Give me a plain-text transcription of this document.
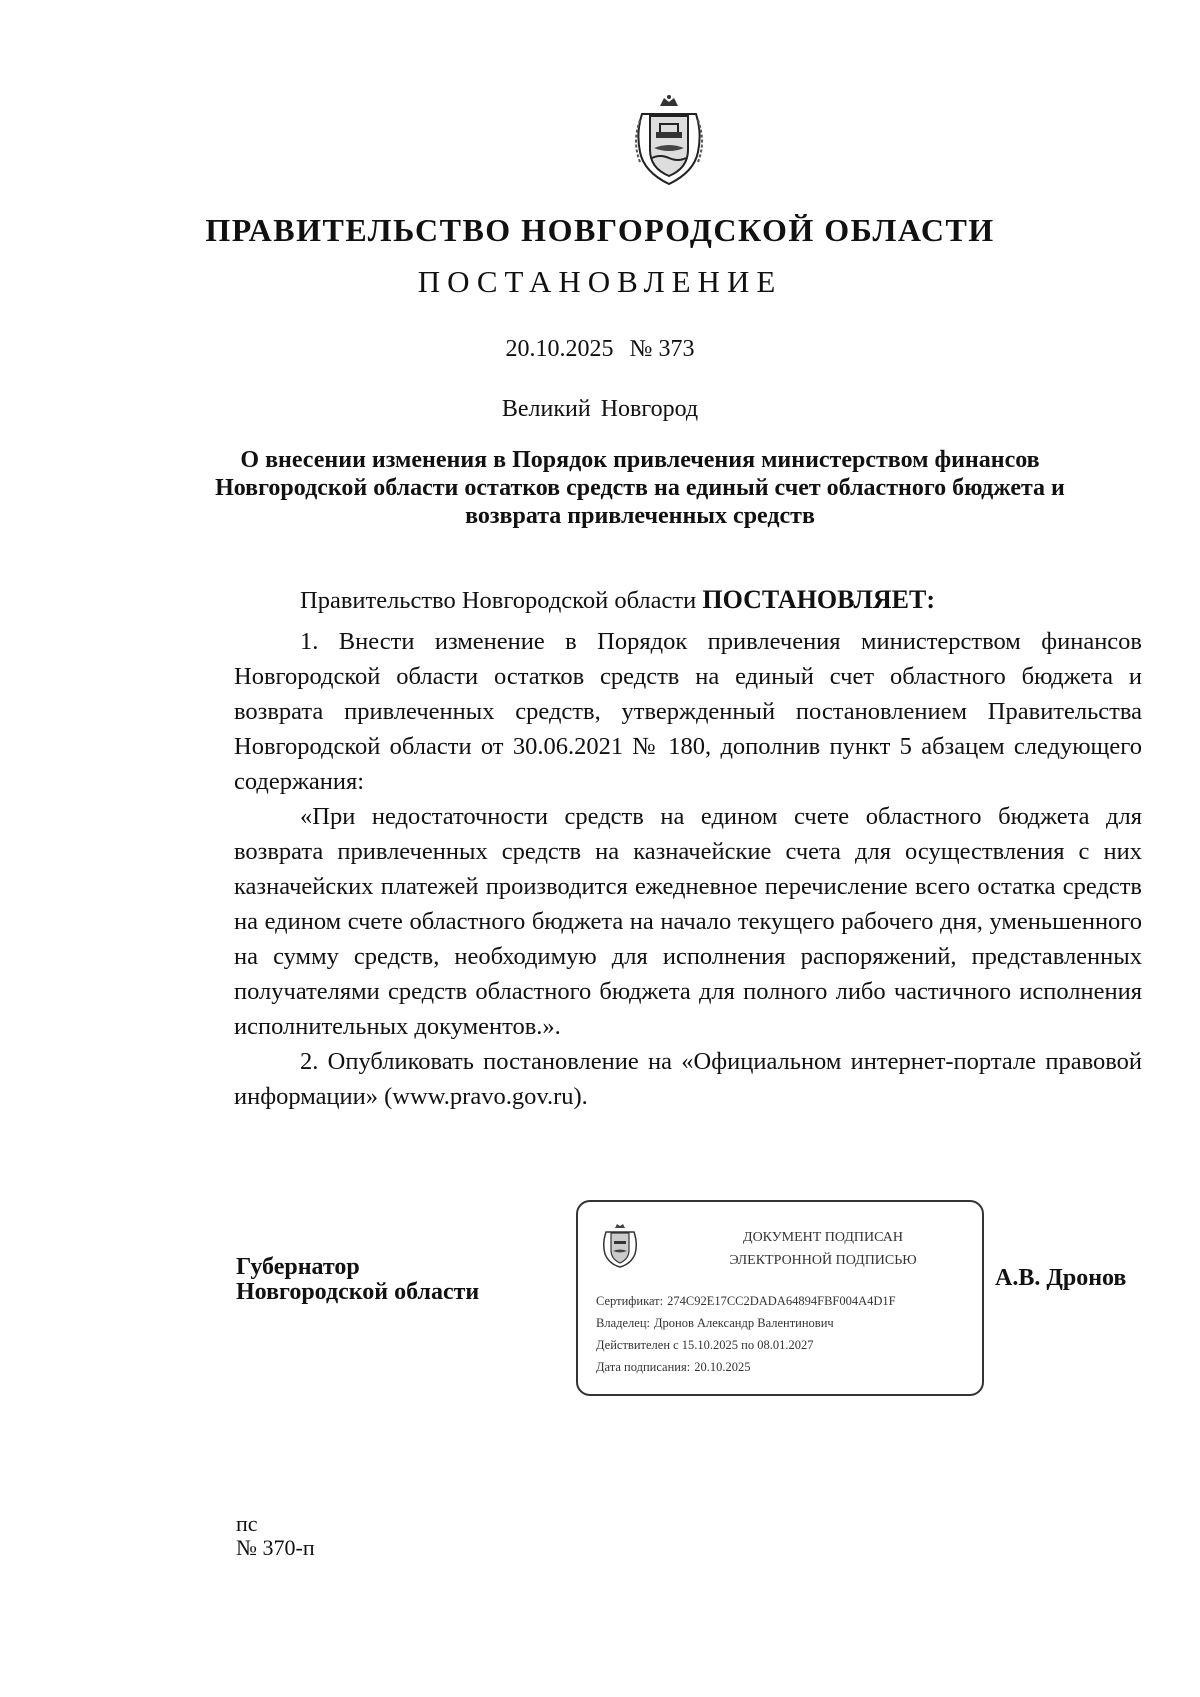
ПРАВИТЕЛЬСТВО НОВГОРОДСКОЙ ОБЛАСТИ
ПОСТАНОВЛЕНИЕ
20.10.2025 № 373
Великий Новгород
О внесении изменения в Порядок привлечения министерством финансов Новгородской области остатков средств на единый счет областного бюджета и возврата привлеченных средств

Правительство Новгородской области ПОСТАНОВЛЯЕТ:

1. Внести изменение в Порядок привлечения министерством финансов Новгородской области остатков средств на единый счет областного бюджета и возврата привлеченных средств, утвержденный постановлением Правительства Новгородской области от 30.06.2021 № 180, дополнив пункт 5 абзацем следующего содержания:

«При недостаточности средств на едином счете областного бюджета для возврата привлеченных средств на казначейские счета для осуществления с них казначейских платежей производится ежедневное перечисление всего остатка средств на едином счете областного бюджета на начало текущего рабочего дня, уменьшенного на сумму средств, необходимую для исполнения распоряжений, представленных получателями средств областного бюджета для полного либо частичного исполнения исполнительных документов.».

2. Опубликовать постановление на «Официальном интернет-портале правовой информации» (www.pravo.gov.ru).

Губернатор
Новгородской области
ДОКУМЕНТ ПОДПИСАН
ЭЛЕКТРОННОЙ ПОДПИСЬЮ
Сертификат: 274C92E17CC2DADA64894FBF004A4D1F
Владелец: Дронов Александр Валентинович
Действителен с 15.10.2025 по 08.01.2027
Дата подписания: 20.10.2025
А.В. Дронов
пс
№ 370-п
